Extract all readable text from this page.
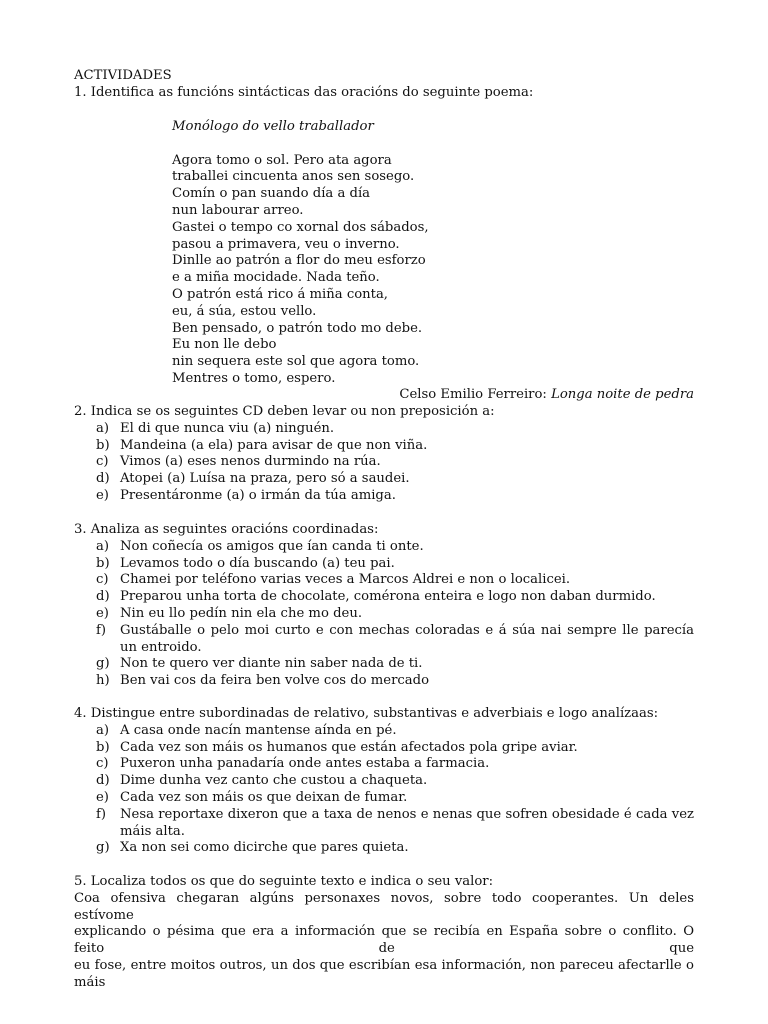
ACTIVIDADES
1. Identifica as funcións sintácticas das oracións do seguinte poema:
Monólogo do vello traballador
Agora tomo o sol. Pero ata agora
traballei cincuenta anos sen sosego.
Comín o pan suando día a día
nun labourar arreo.
Gastei o tempo co xornal dos sábados,
pasou a primavera, veu o inverno.
Dinlle ao patrón a flor do meu esforzo
e a miña mocidade. Nada teño.
O patrón está rico á miña conta,
eu, á súa, estou vello.
Ben pensado, o patrón todo mo debe.
Eu non lle debo
nin sequera este sol que agora tomo.
Mentres o tomo, espero.
Celso Emilio Ferreiro: Longa noite de pedra
2. Indica se os seguintes CD deben levar ou non preposición a:
a) El di que nunca viu (a) ninguén.
b) Mandeina (a ela) para avisar de que non viña.
c) Vimos (a) eses nenos durmindo na rúa.
d) Atopei (a) Luísa na praza, pero só a saudei.
e) Presentáronme (a) o irmán da túa amiga.
3. Analiza as seguintes oracións coordinadas:
a) Non coñecía os amigos que ían canda ti onte.
b) Levamos todo o día buscando (a) teu pai.
c) Chamei por teléfono varias veces a Marcos Aldrei e non o localicei.
d) Preparou unha torta de chocolate, comérona enteira e logo non daban durmido.
e) Nin eu llo pedín nin ela che mo deu.
f) Gustáballe o pelo moi curto e con mechas coloradas e á súa nai sempre lle parecía un entroido.
g) Non te quero ver diante nin saber nada de ti.
h) Ben vai cos da feira ben volve cos do mercado
4. Distingue entre subordinadas de relativo, substantivas e adverbiais e logo analízaas:
a) A casa onde nacín mantense aínda en pé.
b) Cada vez son máis os humanos que están afectados pola gripe aviar.
c) Puxeron unha panadaría onde antes estaba a farmacia.
d) Dime dunha vez canto che custou a chaqueta.
e) Cada vez son máis os que deixan de fumar.
f) Nesa reportaxe dixeron que a taxa de nenos e nenas que sofren obesidade é cada vez máis alta.
g) Xa non sei como dicirche que pares quieta.
5. Localiza todos os que do seguinte texto e indica o seu valor:
Coa ofensiva chegaran algúns personaxes novos, sobre todo cooperantes. Un deles estívome
explicando o pésima que era a información que se recibía en España sobre o conflito. O feito de que
eu fose, entre moitos outros, un dos que escribían esa información, non pareceu afectarlle o máis
